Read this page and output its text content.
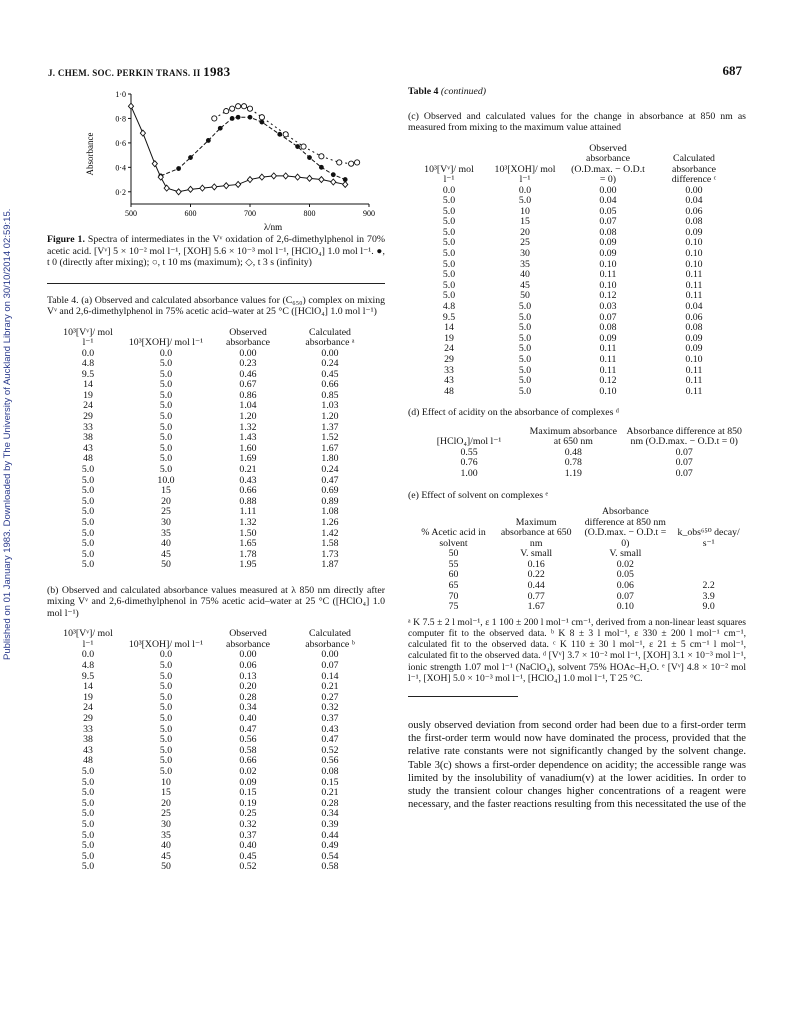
Published on 01 January 1983. Downloaded by The University of Auckland Library on 30/10/2014 02:59:15.
J. CHEM. SOC. PERKIN TRANS. II 1983	687
1·0
0·8
0·6
0·4
0·2
500	600	700	800	900
Absorbance
λ/nm
Figure 1. Spectra of intermediates in the Vᵛ oxidation of 2,6-dimethylphenol in 70% acetic acid. [Vᵛ] 5 × 10⁻² mol l⁻¹, [XOH] 5.6 × 10⁻³ mol l⁻¹, [HClO₄] 1.0 mol l⁻¹. ●, t 0 (directly after mixing); ○, t 10 ms (maximum); ◇, t 3 s (infinity)
Table 4. (a) Observed and calculated absorbance values for (C₆₅₀) complex on mixing Vᵛ and 2,6-dimethylphenol in 75% acetic acid–water at 25 °C ([HClO₄] 1.0 mol l⁻¹)
10³[Vᵛ]/ mol l⁻¹	10³[XOH]/ mol l⁻¹	Observed absorbance	Calculated absorbance ᵃ
0.0	0.0	0.00	0.00
4.8	5.0	0.23	0.24
9.5	5.0	0.46	0.45
14	5.0	0.67	0.66
19	5.0	0.86	0.85
24	5.0	1.04	1.03
29	5.0	1.20	1.20
33	5.0	1.32	1.37
38	5.0	1.43	1.52
43	5.0	1.60	1.67
48	5.0	1.69	1.80
5.0	5.0	0.21	0.24
5.0	10.0	0.43	0.47
5.0	15	0.66	0.69
5.0	20	0.88	0.89
5.0	25	1.11	1.08
5.0	30	1.32	1.26
5.0	35	1.50	1.42
5.0	40	1.65	1.58
5.0	45	1.78	1.73
5.0	50	1.95	1.87
(b) Observed and calculated absorbance values measured at λ 850 nm directly after mixing Vᵛ and 2,6-dimethylphenol in 75% acetic acid–water at 25 °C ([HClO₄] 1.0 mol l⁻¹)
10³[Vᵛ]/ mol l⁻¹	10³[XOH]/ mol l⁻¹	Observed absorbance	Calculated absorbance ᵇ
0.0	0.0	0.00	0.00
4.8	5.0	0.06	0.07
9.5	5.0	0.13	0.14
14	5.0	0.20	0.21
19	5.0	0.28	0.27
24	5.0	0.34	0.32
29	5.0	0.40	0.37
33	5.0	0.47	0.43
38	5.0	0.56	0.47
43	5.0	0.58	0.52
48	5.0	0.66	0.56
5.0	5.0	0.02	0.08
5.0	10	0.09	0.15
5.0	15	0.15	0.21
5.0	20	0.19	0.28
5.0	25	0.25	0.34
5.0	30	0.32	0.39
5.0	35	0.37	0.44
5.0	40	0.40	0.49
5.0	45	0.45	0.54
5.0	50	0.52	0.58
Table 4 (continued)
(c) Observed and calculated values for the change in absorbance at 850 nm as measured from mixing to the maximum value attained
10³[Vᵛ]/ mol l⁻¹	10³[XOH]/ mol l⁻¹	Observed absorbance (O.D.max. − O.D.t = 0)	Calculated absorbance difference ᶜ
0.0	0.0	0.00	0.00
5.0	5.0	0.04	0.04
5.0	10	0.05	0.06
5.0	15	0.07	0.08
5.0	20	0.08	0.09
5.0	25	0.09	0.10
5.0	30	0.09	0.10
5.0	35	0.10	0.10
5.0	40	0.11	0.11
5.0	45	0.10	0.11
5.0	50	0.12	0.11
4.8	5.0	0.03	0.04
9.5	5.0	0.07	0.06
14	5.0	0.08	0.08
19	5.0	0.09	0.09
24	5.0	0.11	0.09
29	5.0	0.11	0.10
33	5.0	0.11	0.11
43	5.0	0.12	0.11
48	5.0	0.10	0.11
(d) Effect of acidity on the absorbance of complexes ᵈ
[HClO₄]/mol l⁻¹	Maximum absorbance at 650 nm	Absorbance difference at 850 nm (O.D.max. − O.D.t = 0)
0.55	0.48	0.07
0.76	0.78	0.07
1.00	1.19	0.07
(e) Effect of solvent on complexes ᵉ
% Acetic acid in solvent	Maximum absorbance at 650 nm	Absorbance difference at 850 nm (O.D.max. − O.D.t = 0)	k_obs⁶⁵⁰ decay/ s⁻¹
50	V. small	V. small	
55	0.16	0.02	
60	0.22	0.05	
65	0.44	0.06	2.2
70	0.77	0.07	3.9
75	1.67	0.10	9.0
ᵃ K 7.5 ± 2 l mol⁻¹, ε 1 100 ± 200 l mol⁻¹ cm⁻¹, derived from a non-linear least squares computer fit to the observed data. ᵇ K 8 ± 3 l mol⁻¹, ε 330 ± 200 l mol⁻¹ cm⁻¹, calculated fit to the observed data. ᶜ K 110 ± 30 l mol⁻¹, ε 21 ± 5 cm⁻¹ l mol⁻¹, calculated fit to the observed data. ᵈ [Vᵛ] 3.7 × 10⁻² mol l⁻¹, [XOH] 3.1 × 10⁻³ mol l⁻¹, ionic strength 1.07 mol l⁻¹ (NaClO₄), solvent 75% HOAc–H₂O. ᵉ [Vᵛ] 4.8 × 10⁻² mol l⁻¹, [XOH] 5.0 × 10⁻³ mol l⁻¹, [HClO₄] 1.0 mol l⁻¹, T 25 °C.
ously observed deviation from second order had been due to a first-order term the first-order term would now have dominated the process, provided that the relative rate constants were not significantly changed by the solvent change. Table 3(c) shows a first-order dependence on acidity; the accessible range was limited by the insolubility of vanadium(v) at the lower acidities. In order to study the transient colour changes higher concentrations of a reagent were necessary, and the faster reactions resulting from this necessitated the use of the
